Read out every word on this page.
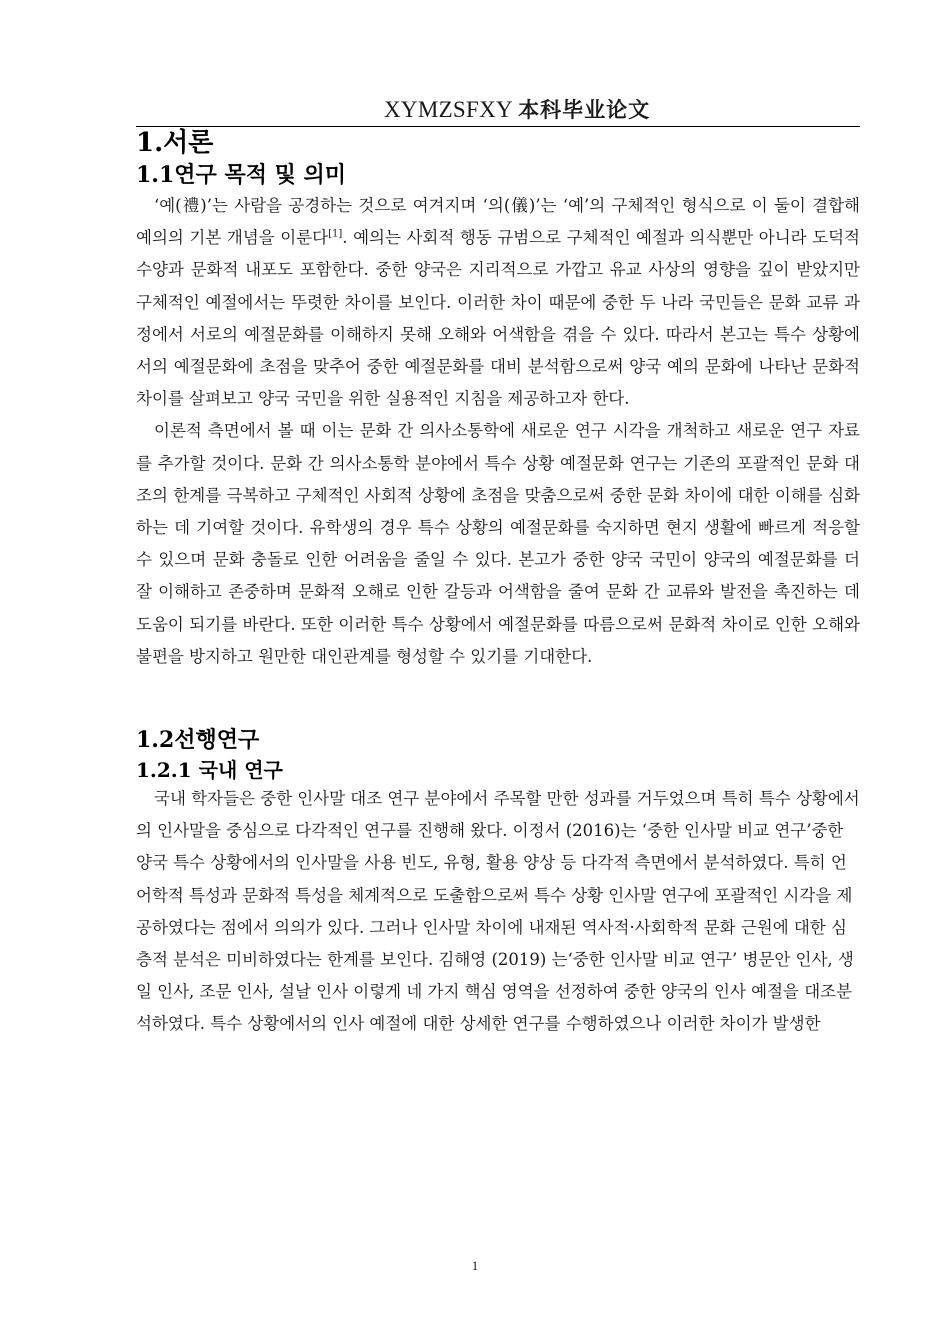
XYMZSFXY 本科毕业论文
1.서론
1.1연구 목적 및 의미

‘예(禮)’는 사람을 공경하는 것으로 여겨지며 ‘의(儀)’는 ‘예’의 구체적인 형식으로 이 둘이 결합해 예의의 기본 개념을 이룬다[1]. 예의는 사회적 행동 규범으로 구체적인 예절과 의식뿐만 아니라 도덕적 수양과 문화적 내포도 포함한다. 중한 양국은 지리적으로 가깝고 유교 사상의 영향을 깊이 받았지만 구체적인 예절에서는 뚜렷한 차이를 보인다. 이러한 차이 때문에 중한 두 나라 국민들은 문화 교류 과정에서 서로의 예절문화를 이해하지 못해 오해와 어색함을 겪을 수 있다. 따라서 본고는 특수 상황에서의 예절문화에 초점을 맞추어 중한 예절문화를 대비 분석함으로써 양국 예의 문화에 나타난 문화적 차이를 살펴보고 양국 국민을 위한 실용적인 지침을 제공하고자 한다.

이론적 측면에서 볼 때 이는 문화 간 의사소통학에 새로운 연구 시각을 개척하고 새로운 연구 자료를 추가할 것이다. 문화 간 의사소통학 분야에서 특수 상황 예절문화 연구는 기존의 포괄적인 문화 대조의 한계를 극복하고 구체적인 사회적 상황에 초점을 맞춤으로써 중한 문화 차이에 대한 이해를 심화하는 데 기여할 것이다. 유학생의 경우 특수 상황의 예절문화를 숙지하면 현지 생활에 빠르게 적응할 수 있으며 문화 충돌로 인한 어려움을 줄일 수 있다. 본고가 중한 양국 국민이 양국의 예절문화를 더 잘 이해하고 존중하며 문화적 오해로 인한 갈등과 어색함을 줄여 문화 간 교류와 발전을 촉진하는 데 도움이 되기를 바란다. 또한 이러한 특수 상황에서 예절문화를 따름으로써 문화적 차이로 인한 오해와 불편을 방지하고 원만한 대인관계를 형성할 수 있기를 기대한다.

1.2선행연구
1.2.1 국내 연구

국내 학자들은 중한 인사말 대조 연구 분야에서 주목할 만한 성과를 거두었으며 특히 특수 상황에서의 인사말을 중심으로 다각적인 연구를 진행해 왔다. 이정서 (2016)는 ‘중한 인사말 비교 연구’중한 양국 특수 상황에서의 인사말을 사용 빈도, 유형, 활용 양상 등 다각적 측면에서 분석하였다. 특히 언어학적 특성과 문화적 특성을 체계적으로 도출함으로써 특수 상황 인사말 연구에 포괄적인 시각을 제공하였다는 점에서 의의가 있다. 그러나 인사말 차이에 내재된 역사적·사회학적 문화 근원에 대한 심층적 분석은 미비하였다는 한계를 보인다. 김해영 (2019) 는‘중한 인사말 비교 연구’ 병문안 인사, 생일 인사, 조문 인사, 설날 인사 이렇게 네 가지 핵심 영역을 선정하여 중한 양국의 인사 예절을 대조분석하였다. 특수 상황에서의 인사 예절에 대한 상세한 연구를 수행하였으나 이러한 차이가 발생한

1
